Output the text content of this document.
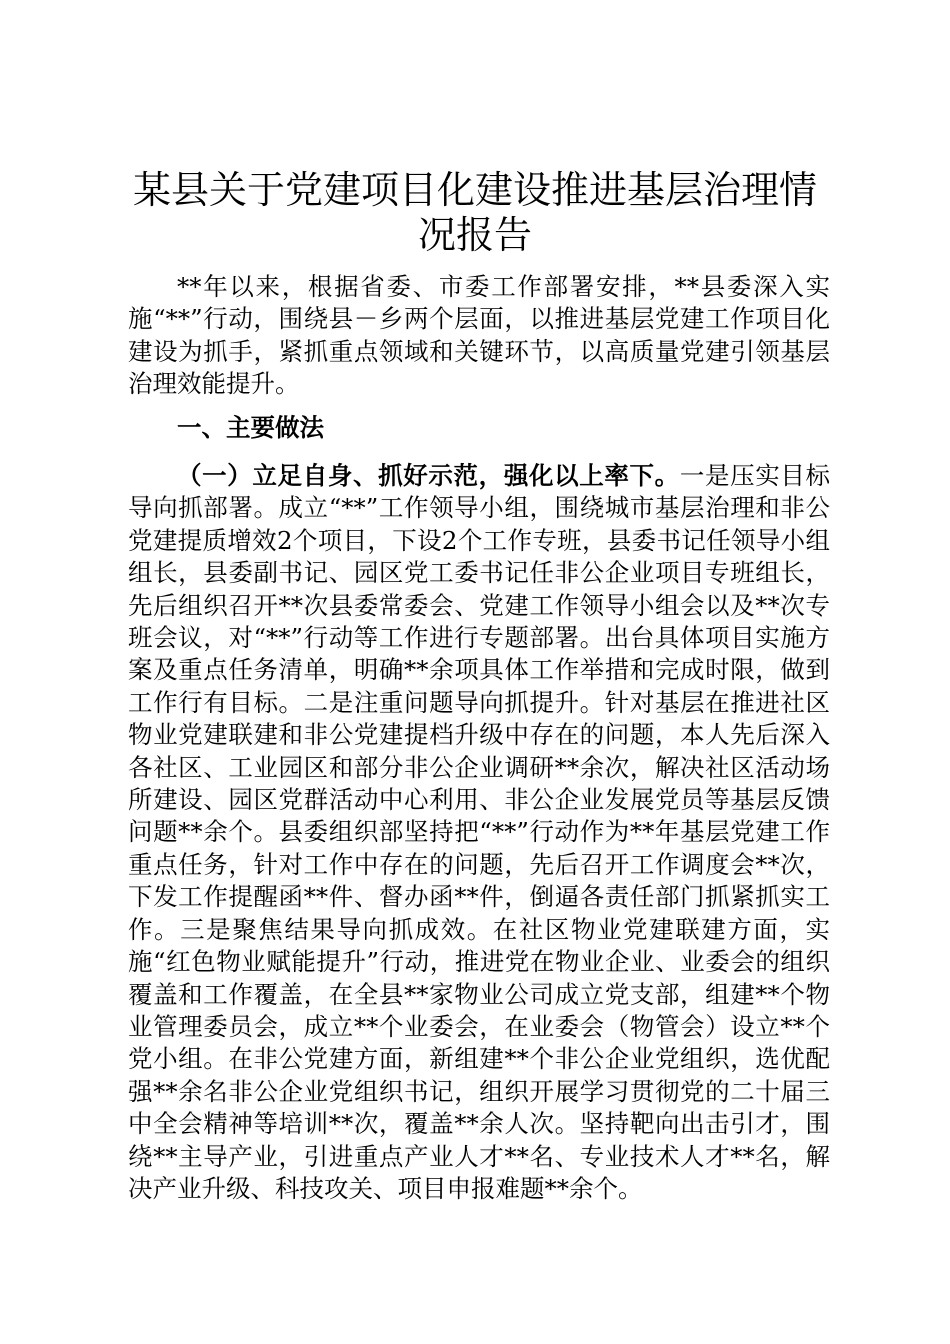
某县关于党建项目化建设推进基层治理情况报告

**年以来，根据省委、市委工作部署安排，**县委深入实施“**”行动，围绕县－乡两个层面，以推进基层党建工作项目化建设为抓手，紧抓重点领域和关键环节，以高质量党建引领基层治理效能提升。

一、主要做法

（一）立足自身、抓好示范，强化以上率下。一是压实目标导向抓部署。成立“**”工作领导小组，围绕城市基层治理和非公党建提质增效2个项目，下设2个工作专班，县委书记任领导小组组长，县委副书记、园区党工委书记任非公企业项目专班组长，先后组织召开**次县委常委会、党建工作领导小组会以及**次专班会议，对“**”行动等工作进行专题部署。出台具体项目实施方案及重点任务清单，明确**余项具体工作举措和完成时限，做到工作行有目标。二是注重问题导向抓提升。针对基层在推进社区物业党建联建和非公党建提档升级中存在的问题，本人先后深入各社区、工业园区和部分非公企业调研**余次，解决社区活动场所建设、园区党群活动中心利用、非公企业发展党员等基层反馈问题**余个。县委组织部坚持把“**”行动作为**年基层党建工作重点任务，针对工作中存在的问题，先后召开工作调度会**次，下发工作提醒函**件、督办函**件，倒逼各责任部门抓紧抓实工作。三是聚焦结果导向抓成效。在社区物业党建联建方面，实施“红色物业赋能提升”行动，推进党在物业企业、业委会的组织覆盖和工作覆盖，在全县**家物业公司成立党支部，组建**个物业管理委员会，成立**个业委会，在业委会（物管会）设立**个党小组。在非公党建方面，新组建**个非公企业党组织，选优配强**余名非公企业党组织书记，组织开展学习贯彻党的二十届三中全会精神等培训**次，覆盖**余人次。坚持靶向出击引才，围绕**主导产业，引进重点产业人才**名、专业技术人才**名，解决产业升级、科技攻关、项目申报难题**余个。
